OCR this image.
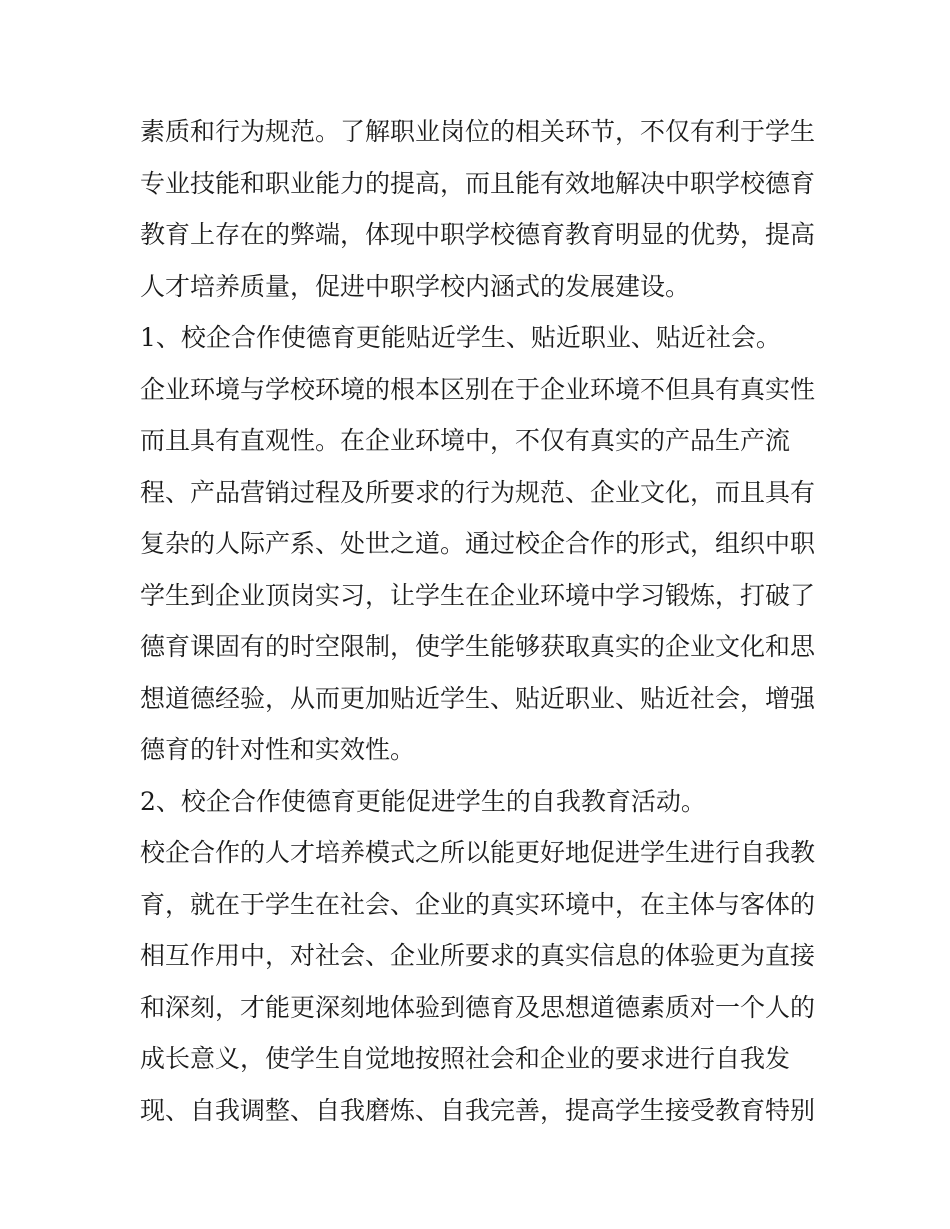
素质和行为规范。了解职业岗位的相关环节，不仅有利于学生
专业技能和职业能力的提高，而且能有效地解决中职学校德育
教育上存在的弊端，体现中职学校德育教育明显的优势，提高
人才培养质量，促进中职学校内涵式的发展建设。
1、校企合作使德育更能贴近学生、贴近职业、贴近社会。
企业环境与学校环境的根本区别在于企业环境不但具有真实性
而且具有直观性。在企业环境中，不仅有真实的产品生产流
程、产品营销过程及所要求的行为规范、企业文化，而且具有
复杂的人际产系、处世之道。通过校企合作的形式，组织中职
学生到企业顶岗实习，让学生在企业环境中学习锻炼，打破了
德育课固有的时空限制，使学生能够获取真实的企业文化和思
想道德经验，从而更加贴近学生、贴近职业、贴近社会，增强
德育的针对性和实效性。
2、校企合作使德育更能促进学生的自我教育活动。
校企合作的人才培养模式之所以能更好地促进学生进行自我教
育，就在于学生在社会、企业的真实环境中，在主体与客体的
相互作用中，对社会、企业所要求的真实信息的体验更为直接
和深刻，才能更深刻地体验到德育及思想道德素质对一个人的
成长意义，使学生自觉地按照社会和企业的要求进行自我发
现、自我调整、自我磨炼、自我完善，提高学生接受教育特别
